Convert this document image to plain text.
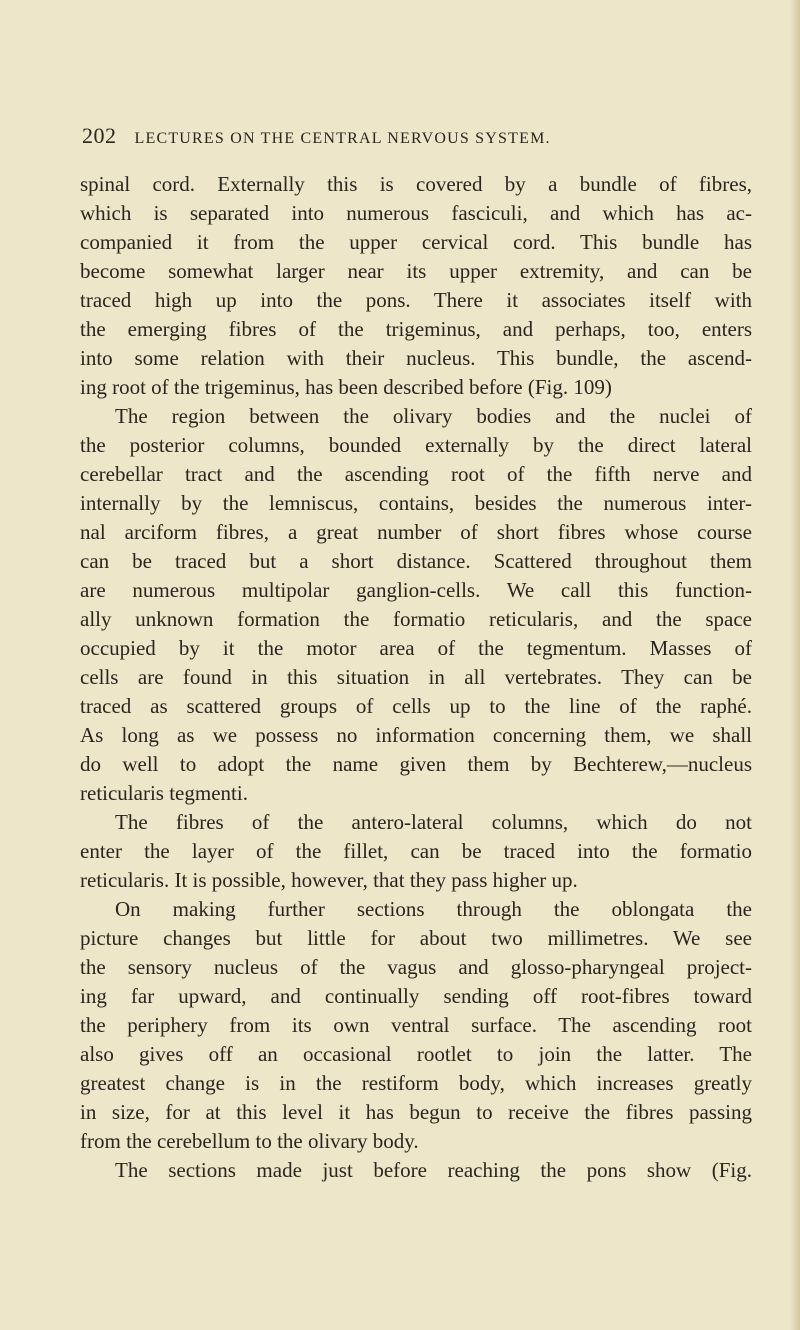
202 LECTURES ON THE CENTRAL NERVOUS SYSTEM.
spinal cord. Externally this is covered by a bundle of fibres,
which is separated into numerous fasciculi, and which has ac-
companied it from the upper cervical cord. This bundle has
become somewhat larger near its upper extremity, and can be
traced high up into the pons. There it associates itself with
the emerging fibres of the trigeminus, and perhaps, too, enters
into some relation with their nucleus. This bundle, the ascend-
ing root of the trigeminus, has been described before (Fig. 109)
The region between the olivary bodies and the nuclei of
the posterior columns, bounded externally by the direct lateral
cerebellar tract and the ascending root of the fifth nerve and
internally by the lemniscus, contains, besides the numerous inter-
nal arciform fibres, a great number of short fibres whose course
can be traced but a short distance. Scattered throughout them
are numerous multipolar ganglion-cells. We call this function-
ally unknown formation the formatio reticularis, and the space
occupied by it the motor area of the tegmentum. Masses of
cells are found in this situation in all vertebrates. They can be
traced as scattered groups of cells up to the line of the raphé.
As long as we possess no information concerning them, we shall
do well to adopt the name given them by Bechterew,—nucleus
reticularis tegmenti.
The fibres of the antero-lateral columns, which do not
enter the layer of the fillet, can be traced into the formatio
reticularis. It is possible, however, that they pass higher up.
On making further sections through the oblongata the
picture changes but little for about two millimetres. We see
the sensory nucleus of the vagus and glosso-pharyngeal project-
ing far upward, and continually sending off root-fibres toward
the periphery from its own ventral surface. The ascending root
also gives off an occasional rootlet to join the latter. The
greatest change is in the restiform body, which increases greatly
in size, for at this level it has begun to receive the fibres passing
from the cerebellum to the olivary body.
The sections made just before reaching the pons show (Fig.
